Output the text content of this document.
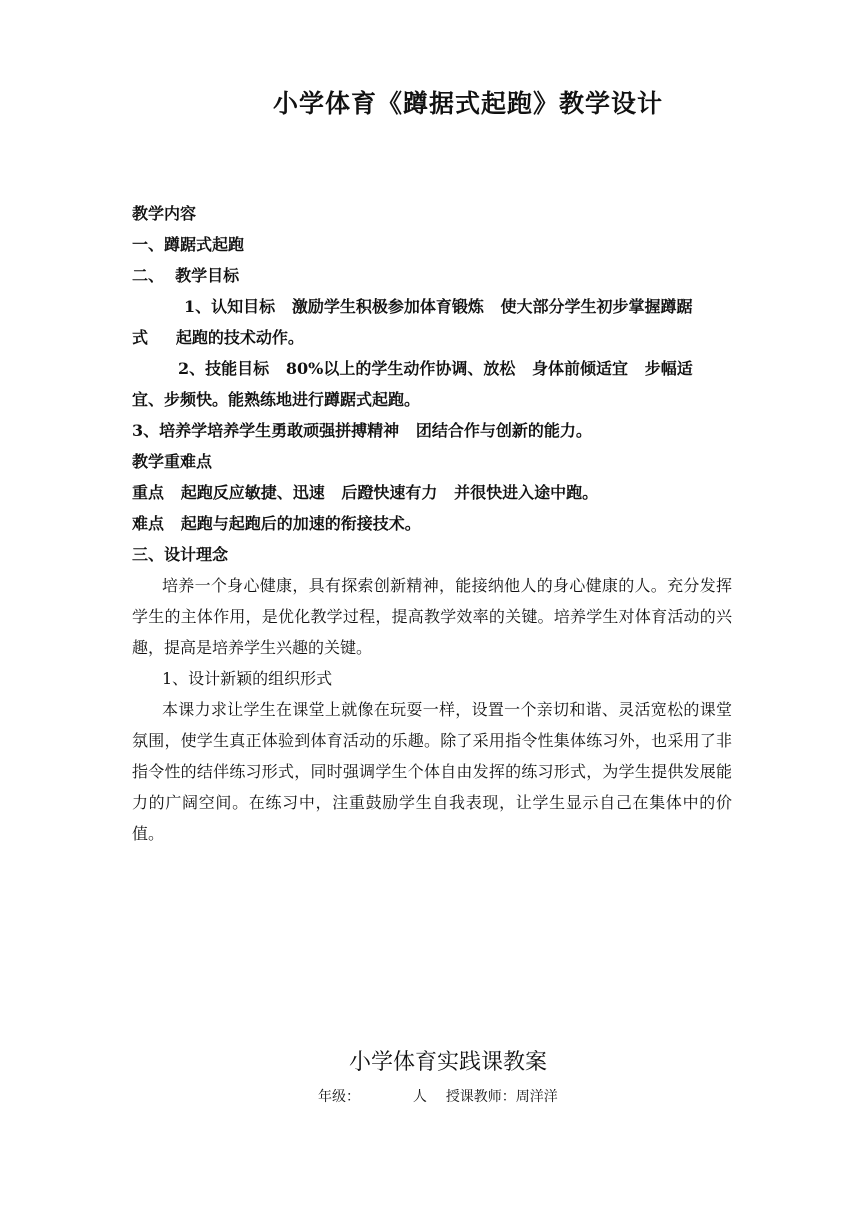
小学体育《蹲据式起跑》教学设计
教学内容
一、蹲踞式起跑
二、  教学目标
1、认知目标   激励学生积极参加体育锻炼   使大部分学生初步掌握蹲踞
式     起跑的技术动作。
2、技能目标   80%以上的学生动作协调、放松   身体前倾适宜   步幅适
宜、步频快。能熟练地进行蹲踞式起跑。
3、培养学培养学生勇敢顽强拼搏精神   团结合作与创新的能力。
教学重难点
重点   起跑反应敏捷、迅速   后蹬快速有力   并很快进入途中跑。
难点   起跑与起跑后的加速的衔接技术。
三、设计理念

培养一个身心健康，具有探索创新精神，能接纳他人的身心健康的人。充分发挥学生的主体作用，是优化教学过程，提高教学效率的关键。培养学生对体育活动的兴趣，提高是培养学生兴趣的关键。

1、设计新颖的组织形式

本课力求让学生在课堂上就像在玩耍一样，设置一个亲切和谐、灵活宽松的课堂氛围，使学生真正体验到体育活动的乐趣。除了采用指令性集体练习外，也采用了非指令性的结伴练习形式，同时强调学生个体自由发挥的练习形式，为学生提供发展能力的广阔空间。在练习中，注重鼓励学生自我表现，让学生显示自己在集体中的价值。

小学体育实践课教案
年级：	人 授课教师：周洋洋
